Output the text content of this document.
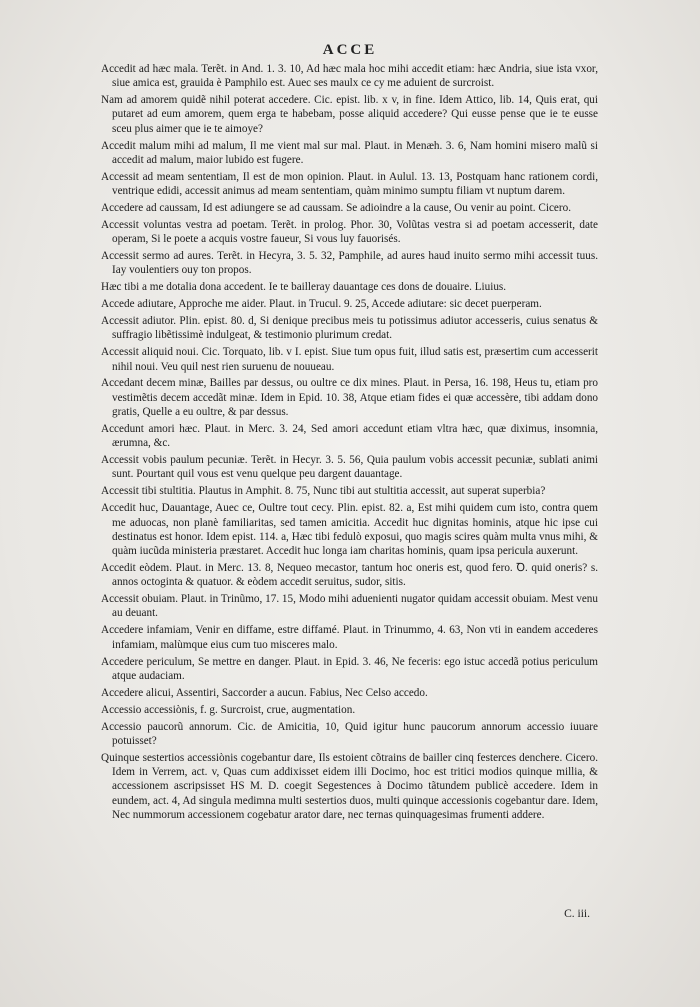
ACCE

Accedit ad hæc mala. Terẽt. in And. 1. 3. 10, Ad hæc mala hoc mihi accedit etiam: hæc Andria, siue ista vxor, siue amica est, grauida è Pamphilo est. Auec ses maulx ce cy me aduient de surcroist.

Nam ad amorem quidẽ nihil poterat accedere. Cic. epist. lib. x v, in fine. Idem Attico, lib. 14, Quis erat, qui putaret ad eum amorem, quem erga te habebam, posse aliquid accedere? Qui eusse pense que ie te eusse sceu plus aimer que ie te aimoye?

Accedit malum mihi ad malum, Il me vient mal sur mal. Plaut. in Menæh. 3. 6, Nam homini misero malũ si accedit ad malum, maior lubido est fugere.

Accessit ad meam sententiam, Il est de mon opinion. Plaut. in Aulul. 13. 13, Postquam hanc rationem cordi, ventrique edidi, accessit animus ad meam sententiam, quàm minimo sumptu filiam vt nuptum darem.

Accedere ad caussam, Id est adiungere se ad caussam. Se adioindre a la cause, Ou venir au point. Cicero.

Accessit voluntas vestra ad poetam. Terẽt. in prolog. Phor. 30, Volũtas vestra si ad poetam accesserit, date operam, Si le poete a acquis vostre faueur, Si vous luy fauorisés.

Accessit sermo ad aures. Terẽt. in Hecyra, 3. 5. 32, Pamphile, ad aures haud inuito sermo mihi accessit tuus. Iay voulentiers ouy ton propos.

Hæc tibi a me dotalia dona accedent. Ie te bailleray dauantage ces dons de douaire. Liuius.

Accede adiutare, Approche me aider. Plaut. in Trucul. 9. 25, Accede adiutare: sic decet puerperam.

Accessit adiutor. Plin. epist. 80. d, Si denique precibus meis tu potissimus adiutor accesseris, cuius senatus & suffragio libẽtissimè indulgeat, & testimonio plurimum credat.

Accessit aliquid noui. Cic. Torquato, lib. v I. epist. Siue tum opus fuit, illud satis est, præsertim cum accesserit nihil noui. Veu quil nest rien suruenu de nouueau.

Accedant decem minæ, Bailles par dessus, ou oultre ce dix mines. Plaut. in Persa, 16. 198, Heus tu, etiam pro vestimẽtis decem accedãt minæ. Idem in Epid. 10. 38, Atque etiam fides ei quæ accessère, tibi addam dono gratis, Quelle a eu oultre, & par dessus.

Accedunt amori hæc. Plaut. in Merc. 3. 24, Sed amori accedunt etiam vltra hæc, quæ diximus, insomnia, ærumna, &c.

Accessit vobis paulum pecuniæ. Terẽt. in Hecyr. 3. 5. 56, Quia paulum vobis accessit pecuniæ, sublati animi sunt. Pourtant quil vous est venu quelque peu dargent dauantage.

Accessit tibi stultitia. Plautus in Amphit. 8. 75, Nunc tibi aut stultitia accessit, aut superat superbia?

Accedit huc, Dauantage, Auec ce, Oultre tout cecy. Plin. epist. 82. a, Est mihi quidem cum isto, contra quem me aduocas, non planè familiaritas, sed tamen amicitia. Accedit huc dignitas hominis, atque hic ipse cui destinatus est honor. Idem epist. 114. a, Hæc tibi fedulò exposui, quo magis scires quàm multa vnus mihi, & quàm iucũda ministeria præstaret. Accedit huc longa iam charitas hominis, quam ipsa pericula auxerunt.

Accedit eòdem. Plaut. in Merc. 13. 8, Nequeo mecastor, tantum hoc oneris est, quod fero. Ꝺ. quid oneris? s. annos octoginta & quatuor. & eòdem accedit seruitus, sudor, sitis.

Accessit obuiam. Plaut. in Trinũmo, 17. 15, Modo mihi aduenienti nugator quidam accessit obuiam. Mest venu au deuant.

Accedere infamiam, Venir en diffame, estre diffamé. Plaut. in Trinummo, 4. 63, Non vti in eandem accederes infamiam, malùmque eius cum tuo misceres malo.

Accedere periculum, Se mettre en danger. Plaut. in Epid. 3. 46, Ne feceris: ego istuc accedã potius periculum atque audaciam.

Accedere alicui, Assentiri, Saccorder a aucun. Fabius, Nec Celso accedo.

Accessio accessiònis, f. g. Surcroist, crue, augmentation.

Accessio paucorũ annorum. Cic. de Amicitia, 10, Quid igitur hunc paucorum annorum accessio iuuare potuisset?

Quinque sestertios accessiònis cogebantur dare, Ils estoient cõtrains de bailler cinq festerces denchere. Cicero. Idem in Verrem, act. v, Quas cum addixisset eidem illi Docimo, hoc est tritici modios quinque millia, & accessionem ascripsisset HS M. D. coegit Segestences à Docimo tãtundem publicè accedere. Idem in eundem, act. 4, Ad singula medimna multi sestertios duos, multi quinque accessionis cogebantur dare. Idem, Nec nummorum accessionem cogebatur arator dare, nec ternas quinquagesimas frumenti addere.

C. iii.
